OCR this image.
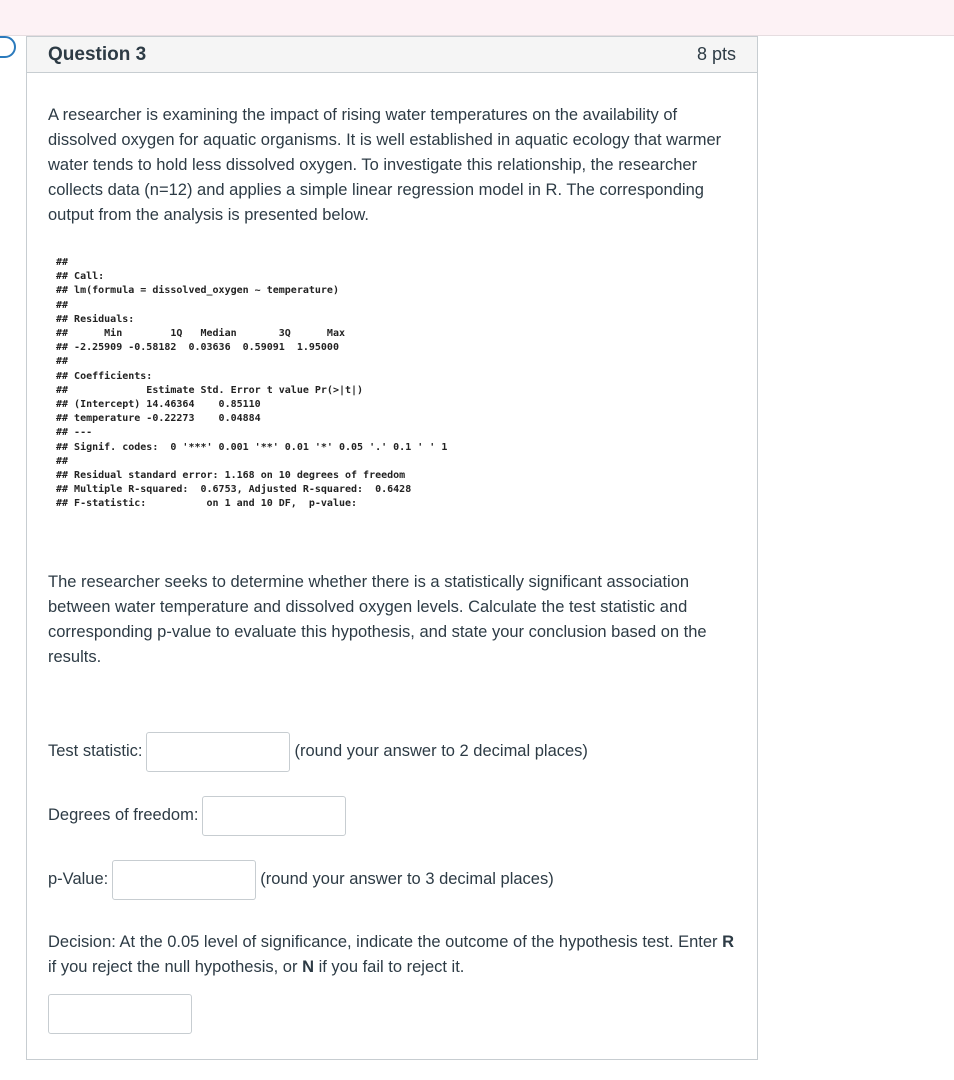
Question 3	8 pts

A researcher is examining the impact of rising water temperatures on the availability of dissolved oxygen for aquatic organisms. It is well established in aquatic ecology that warmer water tends to hold less dissolved oxygen. To investigate this relationship, the researcher collects data (n=12) and applies a simple linear regression model in R. The corresponding output from the analysis is presented below.

##
## Call:
## lm(formula = dissolved_oxygen ~ temperature)
##
## Residuals:
##      Min        1Q   Median       3Q      Max
## -2.25909 -0.58182  0.03636  0.59091  1.95000
##
## Coefficients:
##             Estimate Std. Error t value Pr(>|t|)
## (Intercept) 14.46364    0.85110
## temperature -0.22273    0.04884
## ---
## Signif. codes:  0 '***' 0.001 '**' 0.01 '*' 0.05 '.' 0.1 ' ' 1
##
## Residual standard error: 1.168 on 10 degrees of freedom
## Multiple R-squared:  0.6753, Adjusted R-squared:  0.6428
## F-statistic:          on 1 and 10 DF,  p-value:

The researcher seeks to determine whether there is a statistically significant association between water temperature and dissolved oxygen levels. Calculate the test statistic and corresponding p-value to evaluate this hypothesis, and state your conclusion based on the results.

Test statistic:	(round your answer to 2 decimal places)
Degrees of freedom:
p-Value:	(round your answer to 3 decimal places)

Decision: At the 0.05 level of significance, indicate the outcome of the hypothesis test. Enter R if you reject the null hypothesis, or N if you fail to reject it.
